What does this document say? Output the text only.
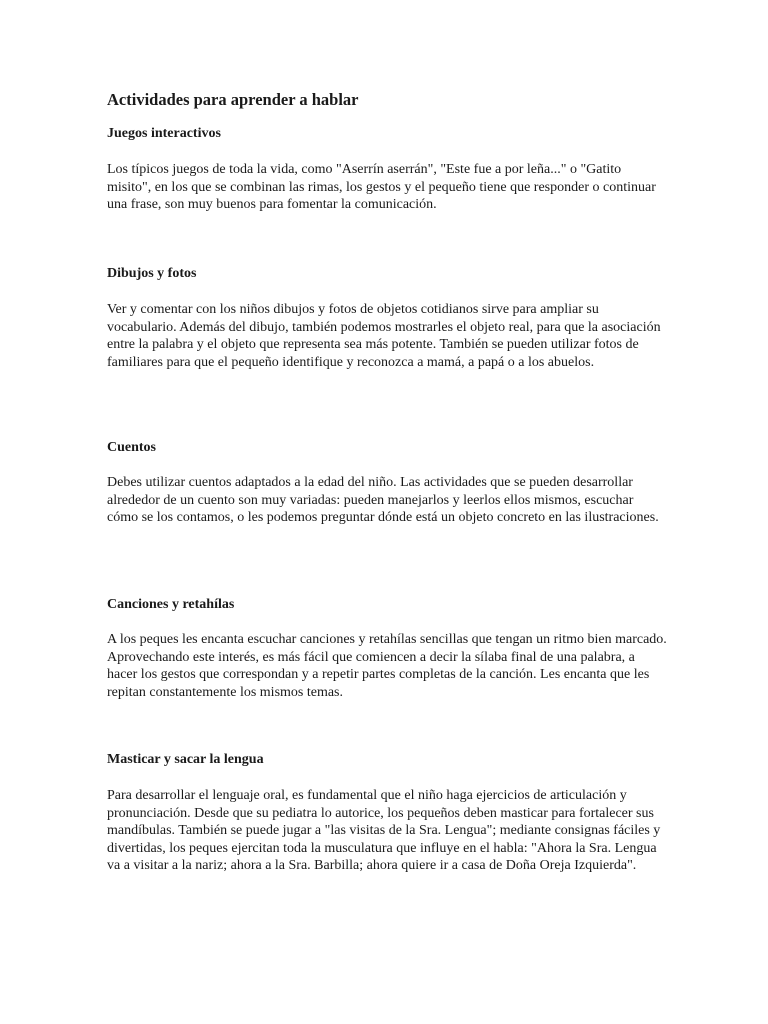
Actividades para aprender a hablar
Juegos interactivos

Los típicos juegos de toda la vida, como "Aserrín aserrán", "Este fue a por leña..." o "Gatito misito", en los que se combinan las rimas, los gestos y el pequeño tiene que responder o continuar una frase, son muy buenos para fomentar la comunicación.

Dibujos y fotos

Ver y comentar con los niños dibujos y fotos de objetos cotidianos sirve para ampliar su vocabulario. Además del dibujo, también podemos mostrarles el objeto real, para que la asociación entre la palabra y el objeto que representa sea más potente. También se pueden utilizar fotos de familiares para que el pequeño identifique y reconozca a mamá, a papá o a los abuelos.

Cuentos

Debes utilizar cuentos adaptados a la edad del niño. Las actividades que se pueden desarrollar alrededor de un cuento son muy variadas: pueden manejarlos y leerlos ellos mismos, escuchar cómo se los contamos, o les podemos preguntar dónde está un objeto concreto en las ilustraciones.

Canciones y retahílas

A los peques les encanta escuchar canciones y retahílas sencillas que tengan un ritmo bien marcado. Aprovechando este interés, es más fácil que comiencen a decir la sílaba final de una palabra, a hacer los gestos que correspondan y a repetir partes completas de la canción. Les encanta que les repitan constantemente los mismos temas.

Masticar y sacar la lengua

Para desarrollar el lenguaje oral, es fundamental que el niño haga ejercicios de articulación y pronunciación. Desde que su pediatra lo autorice, los pequeños deben masticar para fortalecer sus mandíbulas. También se puede jugar a "las visitas de la Sra. Lengua"; mediante consignas fáciles y divertidas, los peques ejercitan toda la musculatura que influye en el habla: "Ahora la Sra. Lengua va a visitar a la nariz; ahora a la Sra. Barbilla; ahora quiere ir a casa de Doña Oreja Izquierda".
